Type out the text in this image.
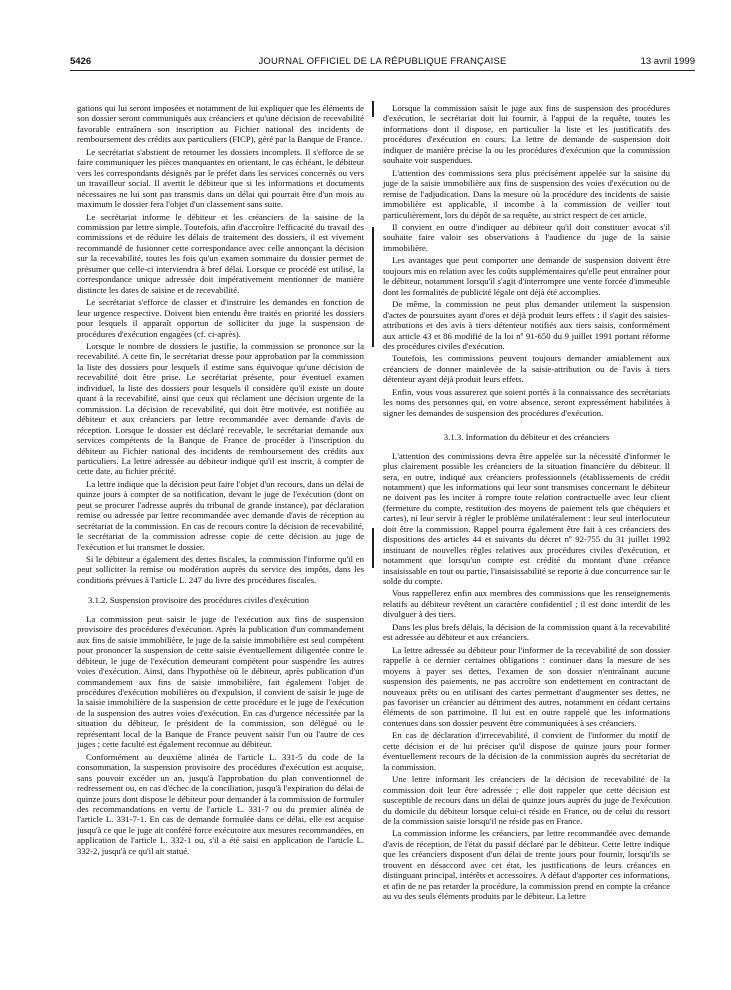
5426	JOURNAL OFFICIEL DE LA RÉPUBLIQUE FRANÇAISE	13 avril 1999

gations qui lui seront imposées et notamment de lui expliquer que les éléments de son dossier seront communiqués aux créanciers et qu'une décision de recevabilité favorable entraînera son inscription au Fichier national des incidents de remboursement des crédits aux particuliers (FICP), géré par la Banque de France.

Le secrétariat s'abstient de retourner les dossiers incomplets. Il s'efforce de se faire communiquer les pièces manquantes en orientant, le cas échéant, le débiteur vers les correspondants désignés par le préfet dans les services concernés ou vers un travailleur social. Il avertit le débiteur que si les informations et documents nécessaires ne lui sont pas transmis dans un délai qui pourrait être d'un mois au maximum le dossier fera l'objet d'un classement sans suite.

Le secrétariat informe le débiteur et les créanciers de la saisine de la commission par lettre simple. Toutefois, afin d'accroître l'efficacité du travail des commissions et de réduire les délais de traitement des dossiers, il est vivement recommandé de fusionner cette correspondance avec celle annonçant la décision sur la recevabilité, toutes les fois qu'un examen sommaire du dossier permet de présumer que celle-ci interviendra à bref délai. Lorsque ce procédé est utilisé, la correspondance unique adressée doit impérativement mentionner de manière distincte les dates de saisine et de recevabilité.

Le secrétariat s'efforce de classer et d'instruire les demandes en fonction de leur urgence respective. Doivent bien entendu être traités en priorité les dossiers pour lesquels il apparaît opportun de solliciter du juge la suspension de procédures d'exécution engagées (cf. ci-après).

Lorsque le nombre de dossiers le justifie, la commission se prononce sur la recevabilité. A cette fin, le secrétariat dresse pour approbation par la commission la liste des dossiers pour lesquels il estime sans équivoque qu'une décision de recevabilité doit être prise. Le secrétariat présente, pour éventuel examen individuel, la liste des dossiers pour lesquels il considère qu'il existe un doute quant à la recevabilité, ainsi que ceux qui réclament une décision urgente de la commission. La décision de recevabilité, qui doit être motivée, est notifiée au débiteur et aux créanciers par lettre recommandée avec demande d'avis de réception. Lorsque le dossier est déclaré recevable, le secrétariat demande aux services compétents de la Banque de France de procéder à l'inscription du débiteur au Fichier national des incidents de remboursement des crédits aux particuliers. La lettre adressée au débiteur indique qu'il est inscrit, à compter de cette date, au fichier précité.

La lettre indique que la décision peut faire l'objet d'un recours, dans un délai de quinze jours à compter de sa notification, devant le juge de l'exécution (dont on peut se procurer l'adresse auprès du tribunal de grande instance), par déclaration remise ou adressée par lettre recommandée avec demande d'avis de réception au secrétariat de la commission. En cas de recours contre la décision de recevabilité, le secrétariat de la commission adresse copie de cette décision au juge de l'exécution et lui transmet le dossier.

Si le débiteur a également des dettes fiscales, la commission l'informe qu'il en peut solliciter la remise ou modération auprès du service des impôts, dans les conditions prévues à l'article L. 247 du livre des procédures fiscales.

3.1.2. Suspension provisoire des procédures civiles d'exécution

La commission peut saisir le juge de l'exécution aux fins de suspension provisoire des procédures d'exécution. Après la publication d'un commandement aux fins de saisie immobilière, le juge de la saisie immobilière est seul compétent pour prononcer la suspension de cette saisie éventuellement diligentée contre le débiteur, le juge de l'exécution demeurant compétent pour suspendre les autres voies d'exécution. Ainsi, dans l'hypothèse où le débiteur, après publication d'un commandement aux fins de saisie immobilière, fait également l'objet de procédures d'exécution mobilières ou d'expulsion, il convient de saisir le juge de la saisie immobilière de la suspension de cette procédure et le juge de l'exécution de la suspension des autres voies d'exécution. En cas d'urgence nécessitée par la situation du débiteur, le président de la commission, son délégué ou le représentant local de la Banque de France peuvent saisir l'un ou l'autre de ces juges ; cette faculté est également reconnue au débiteur.

Conformément au deuxième alinéa de l'article L. 331-5 du code de la consommation, la suspension provisoire des procédures d'exécution est acquise, sans pouvoir excéder un an, jusqu'à l'approbation du plan conventionnel de redressement ou, en cas d'échec de la conciliation, jusqu'à l'expiration du délai de quinze jours dont dispose le débiteur pour demander à la commission de formuler des recommandations en vertu de l'article L. 331-7 ou du premier alinéa de l'article L. 331-7-1. En cas de demande formulée dans ce délai, elle est acquise jusqu'à ce que le juge ait conféré force exécutoire aux mesures recommandées, en application de l'article L. 332-1 ou, s'il a été saisi en application de l'article L. 332-2, jusqu'à ce qu'il ait statué.

Lorsque la commission saisit le juge aux fins de suspension des procédures d'exécution, le secrétariat doit lui fournir, à l'appui de la requête, toutes les informations dont il dispose, en particulier la liste et les justificatifs des procédures d'exécution en cours. La lettre de demande de suspension doit indiquer de manière précise la ou les procédures d'exécution que la commission souhaite voir suspendues.

L'attention des commissions sera plus précisément appelée sur la saisine du juge de la saisie immobilière aux fins de suspension des voies d'exécution ou de remise de l'adjudication. Dans la mesure où la procédure des incidents de saisie immobilière est applicable, il incombe à la commission de veiller tout particulièrement, lors du dépôt de sa requête, au strict respect de cet article.

Il convient en outre d'indiquer au débiteur qu'il doit constituer avocat s'il souhaite faire valoir ses observations à l'audience du juge de la saisie immobilière.

Les avantages que peut comporter une demande de suspension doivent être toujours mis en relation avec les coûts supplémentaires qu'elle peut entraîner pour le débiteur, notamment lorsqu'il s'agit d'interrompre une vente forcée d'immeuble dont les formalités de publicité légale ont déjà été accomplies.

De même, la commission ne peut plus demander utilement la suspension d'actes de poursuites ayant d'ores et déjà produit leurs effets : il s'agit des saisies-attributions et des avis à tiers détenteur notifiés aux tiers saisis, conformément aux article 43 et 86 modifié de la loi nº 91-650 du 9 juillet 1991 portant réforme des procédures civiles d'exécution.

Toutefois, les commissions peuvent toujours demander amiablement aux créanciers de donner mainlevée de la saisie-attribution ou de l'avis à tiers détenteur ayant déjà produit leurs effets.

Enfin, vous vous assurerez que soient portés à la connaissance des secrétariats les noms des personnes qui, en votre absence, seront expressément habilitées à signer les demandes de suspension des procédures d'exécution.

3.1.3. Information du débiteur et des créanciers

L'attention des commissions devra être appelée sur la nécessité d'informer le plus clairement possible les créanciers de la situation financière du débiteur. Il sera, en outre, indiqué aux créanciers professionnels (établissements de crédit notamment) que les informations qui leur sont transmises concernant le débiteur ne doivent pas les inciter à rompre toute relation contractuelle avec leur client (fermeture du compte, restitution des moyens de paiement tels que chéquiers et cartes), ni leur servir à régler le problème unilatéralement : leur seul interlocuteur doit être la commission. Rappel pourra également être fait à ces créanciers des dispositions des articles 44 et suivants du décret nº 92-755 du 31 juillet 1992 instituant de nouvelles règles relatives aux procédures civiles d'exécution, et notamment que lorsqu'un compte est crédité du montant d'une créance insaisissable en tout ou partie, l'insaisissabilité se reporte à due concurrence sur le solde du compte.

Vous rappellerez enfin aux membres des commissions que les renseignements relatifs au débiteur revêtent un caractère confidentiel ; il est donc interdit de les divulguer à des tiers.

Dans les plus brefs délais, la décision de la commission quant à la recevabilité est adressée au débiteur et aux créanciers.

La lettre adressée au débiteur pour l'informer de la recevabilité de son dossier rappelle à ce dernier certaines obligations : continuer dans la mesure de ses moyens à payer ses dettes, l'examen de son dossier n'entraînant aucune suspension des paiements, ne pas accroître son endettement en contractant de nouveaux prêts ou en utilisant des cartes permettant d'augmenter ses dettes, ne pas favoriser un créancier au détriment des autres, notamment en cédant certains éléments de son patrimoine. Il lui est en outre rappelé que les informations contenues dans son dossier peuvent être communiquées à ses créanciers.

En cas de déclaration d'irrecevabilité, il convient de l'informer du motif de cette décision et de lui préciser qu'il dispose de quinze jours pour former éventuellement recours de la décision de la commission auprès du secrétariat de la commission.

Une lettre informant les créanciers de la décision de recevabilité de la commission doit leur être adressée ; elle doit rappeler que cette décision est susceptible de recours dans un délai de quinze jours auprès du juge de l'exécution du domicile du débiteur lorsque celui-ci réside en France, ou de celui du ressort de la commission saisie lorsqu'il ne réside pas en France.

La commission informe les créanciers, par lettre recommandée avec demande d'avis de réception, de l'état du passif déclaré par le débiteur. Cette lettre indique que les créanciers disposent d'un délai de trente jours pour fournir, lorsqu'ils se trouvent en désaccord avec cet état, les justifications de leurs créances en distinguant principal, intérêts et accessoires. A défaut d'apporter ces informations, et afin de ne pas retarder la procédure, la commission prend en compte la créance au vu des seuls éléments produits par le débiteur. La lettre
